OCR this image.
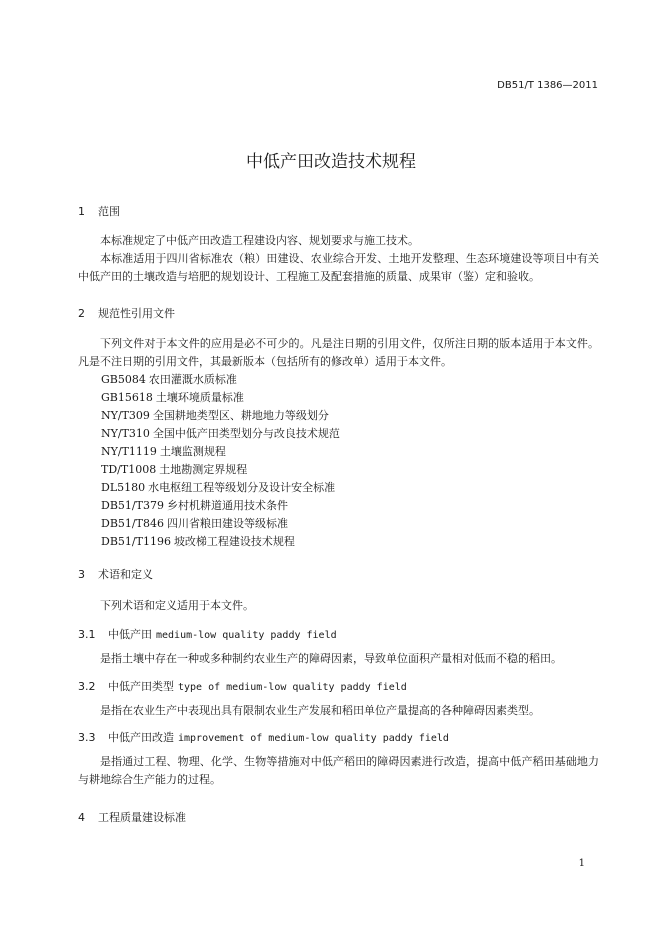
DB51/T 1386—2011
中低产田改造技术规程
1 范围
本标准规定了中低产田改造工程建设内容、规划要求与施工技术。
本标准适用于四川省标准农（粮）田建设、农业综合开发、土地开发整理、生态环境建设等项目中有关中低产田的土壤改造与培肥的规划设计、工程施工及配套措施的质量、成果审（鉴）定和验收。
2 规范性引用文件
下列文件对于本文件的应用是必不可少的。凡是注日期的引用文件，仅所注日期的版本适用于本文件。凡是不注日期的引用文件，其最新版本（包括所有的修改单）适用于本文件。
GB5084 农田灌溉水质标准
GB15618 土壤环境质量标准
NY/T309 全国耕地类型区、耕地地力等级划分
NY/T310 全国中低产田类型划分与改良技术规范
NY/T1119 土壤监测规程
TD/T1008 土地勘测定界规程
DL5180 水电枢纽工程等级划分及设计安全标准
DB51/T379 乡村机耕道通用技术条件
DB51/T846 四川省粮田建设等级标准
DB51/T1196 坡改梯工程建设技术规程
3 术语和定义
下列术语和定义适用于本文件。
3.1 中低产田 medium-low quality paddy field
是指土壤中存在一种或多种制约农业生产的障碍因素，导致单位面积产量相对低而不稳的稻田。
3.2 中低产田类型 type of medium-low quality paddy field
是指在农业生产中表现出具有限制农业生产发展和稻田单位产量提高的各种障碍因素类型。
3.3 中低产田改造 improvement of medium-low quality paddy field
是指通过工程、物理、化学、生物等措施对中低产稻田的障碍因素进行改造，提高中低产稻田基础地力与耕地综合生产能力的过程。
4 工程质量建设标准
1
